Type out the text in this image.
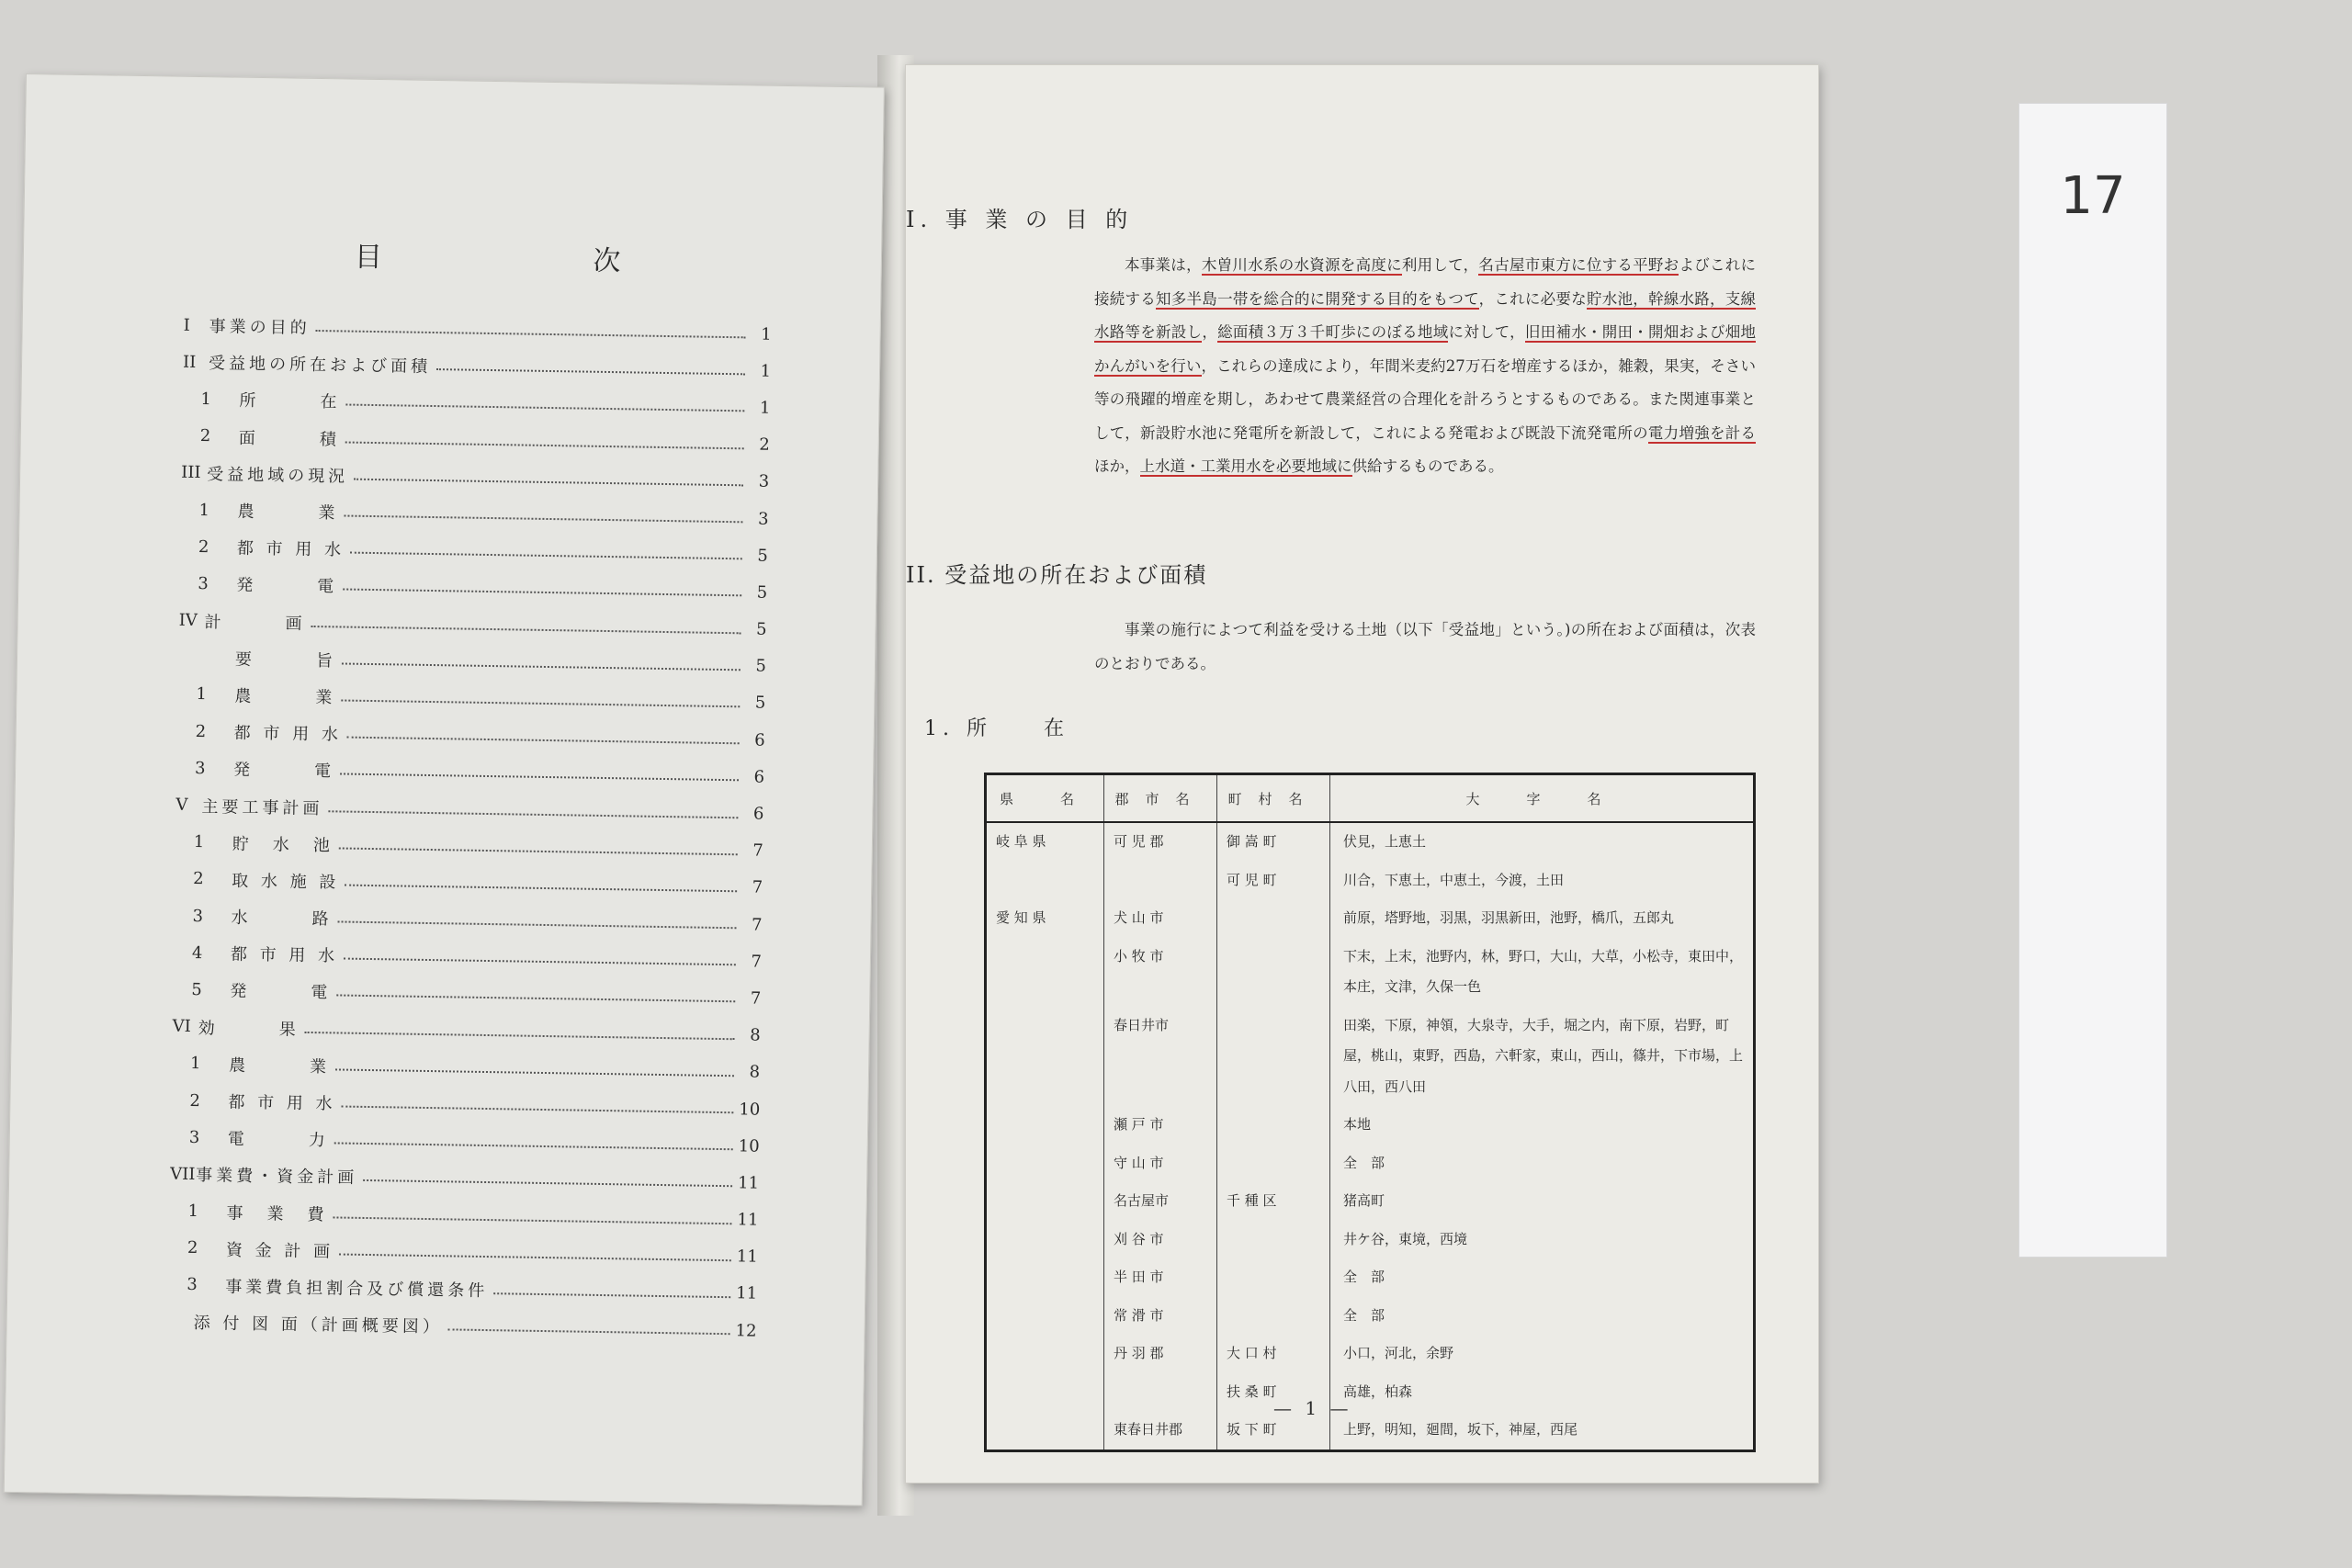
目 次
I	事業の目的	1
II 受益地の所在および面積	1
1	所　　　在	1
2	面　　　積	2
III 受益地域の現況	3
1	農　　　業	3
2	都 市 用 水	5
3	発　　　電	5
IV 計　　　画	5
要　　　旨	5
1	農　　　業	5
2	都 市 用 水	6
3	発　　　電	6
V 主要工事計画	6
1	貯　水　池	7
2	取 水 施 設	7
3	水　　　路	7
4	都 市 用 水	7
5	発　　　電	7
VI 効　　　果	8
1	農　　　業	8
2	都 市 用 水	10
3	電　　　力	10
VII 事業費・資金計画	11
1	事　業　費	11
2	資 金 計 画	11
3	事業費負担割合及び償還条件	11
添 付 図 面（計画概要図）	12
I. 事 業 の 目 的
本事業は，木曽川水系の水資源を高度に利用して，名古屋市東方に位する平野およびこれに接続する知多半島一帯を総合的に開発する目的をもつて，これに必要な貯水池，幹線水路，支線水路等を新設し，総面積３万３千町歩にのぼる地域に対して，旧田補水・開田・開畑および畑地かんがいを行い，これらの達成により，年間米麦約27万石を増産するほか，雑穀，果実，そさい等の飛躍的増産を期し，あわせて農業経営の合理化を計ろうとするものである。また関連事業として，新設貯水池に発電所を新設して，これによる発電および既設下流発電所の電力増強を計るほか，上水道・工業用水を必要地域に供給するものである。
II. 受益地の所在および面積
事業の施行によつて利益を受ける土地（以下「受益地」という。)の所在および面積は，次表のとおりである。
1. 所　　在
県　名	郡市名	町村名	大　字　名
岐 阜 県	可 児 郡	御 嵩 町	伏見，上恵土
		可 児 町	川合，下恵土，中恵土，今渡，土田
愛 知 県	犬 山 市		前原，塔野地，羽黒，羽黒新田，池野，橋爪，五郎丸
	小 牧 市		下末，上末，池野内，林，野口，大山，大草，小松寺，東田中，本庄，文津，久保一色
	春日井市		田楽，下原，神領，大泉寺，大手，堀之内，南下原，岩野，町屋，桃山，東野，西島，六軒家，東山，西山，篠井，下市場，上八田，西八田
	瀬 戸 市		本地
	守 山 市		全　部
	名古屋市	千 種 区	猪高町
	刈 谷 市		井ケ谷，東境，西境
	半 田 市		全　部
	常 滑 市		全　部
	丹 羽 郡	大 口 村	小口，河北，余野
		扶 桑 町	高雄，柏森
	東春日井郡	坂 下 町	上野，明知，廻間，坂下，神屋，西尾
— 1 —
17
